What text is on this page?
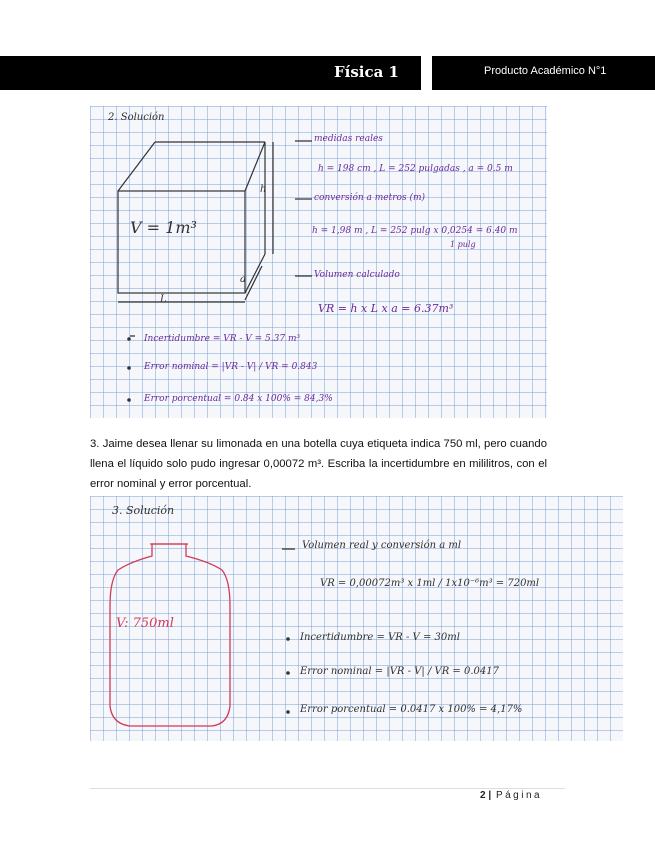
Física 1	Producto Académico N°1
2. Solución
V = 1m³
h
L
a
medidas reales
h = 198 cm , L = 252 pulgadas , a = 0.5 m
conversión a metros (m)
h = 1,98 m , L = 252 pulg x 0,0254 = 6.40 m
1 pulg
Volumen calculado
VR = h x L x a = 6.37m³
Incertidumbre = VR - V = 5.37 m³
Error nominal = |VR - V| / VR = 0.843
Error porcentual = 0.84 x 100% = 84,3%
3. Jaime desea llenar su limonada en una botella cuya etiqueta indica 750 ml, pero cuando llena el líquido solo pudo ingresar 0,00072 m³. Escriba la incertidumbre en mililitros, con el error nominal y error porcentual.
3. Solución
V: 750ml
Volumen real y conversión a ml
VR = 0,00072m³ x 1ml / 1x10⁻⁶m³ = 720ml
Incertidumbre = VR - V = 30ml
Error nominal = |VR - V| / VR = 0.0417
Error porcentual = 0.0417 x 100% = 4,17%
2 | Página
